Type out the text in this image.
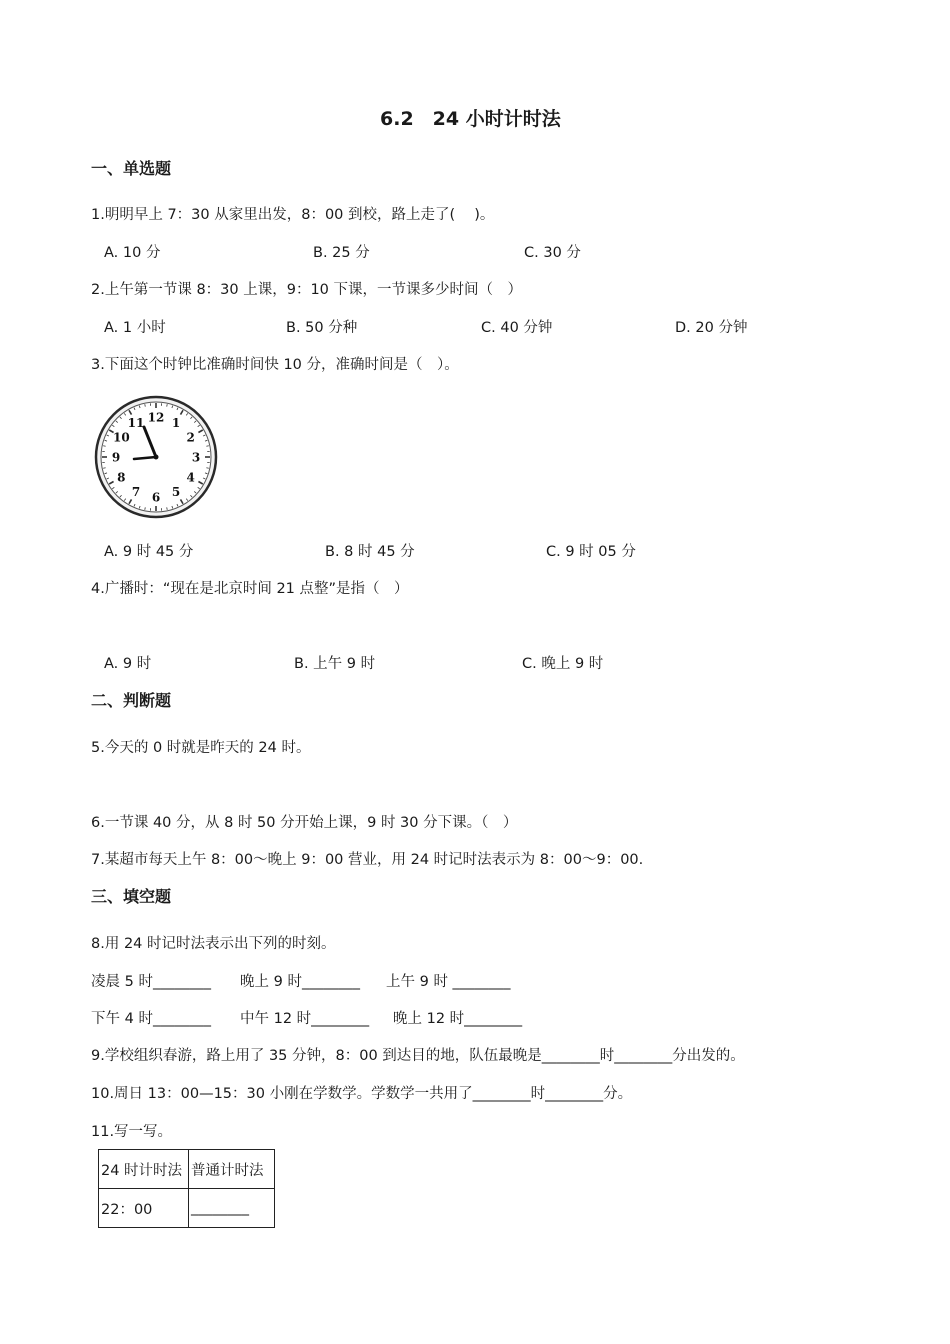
6.2　24 小时计时法
一、单选题
1.明明早上 7：30 从家里出发，8：00 到校，路上走了(　 )。
A. 10 分	B. 25 分	C. 30 分
2.上午第一节课 8：30 上课，9：10 下课，一节课多少时间（　）
A. 1 小时	B. 50 分种	C. 40 分钟	D. 20 分钟
3.下面这个时钟比准确时间快 10 分，准确时间是（　）。
12 1
2
3
4
5
6
7
8
9
10
11
A. 9 时 45 分	B. 8 时 45 分	C. 9 时 05 分
4.广播时：“现在是北京时间 21 点整”是指（　）
A. 9 时	B. 上午 9 时	C. 晚上 9 时
二、判断题
5.今天的 0 时就是昨天的 24 时。
6.一节课 40 分，从 8 时 50 分开始上课，9 时 30 分下课。（　）
7.某超市每天上午 8：00～晚上 9：00 营业，用 24 时记时法表示为 8：00～9：00.
三、填空题
8.用 24 时记时法表示出下列的时刻。
凌晨 5 时________ 晚上 9 时________ 上午 9 时 ________
下午 4 时________ 中午 12 时________ 晚上 12 时________
9.学校组织春游，路上用了 35 分钟，8：00 到达目的地，队伍最晚是________时________分出发的。
10.周日 13：00—15：30 小刚在学数学。学数学一共用了________时________分。
11.写一写。
24 时计时法	普通计时法
22：00	________
